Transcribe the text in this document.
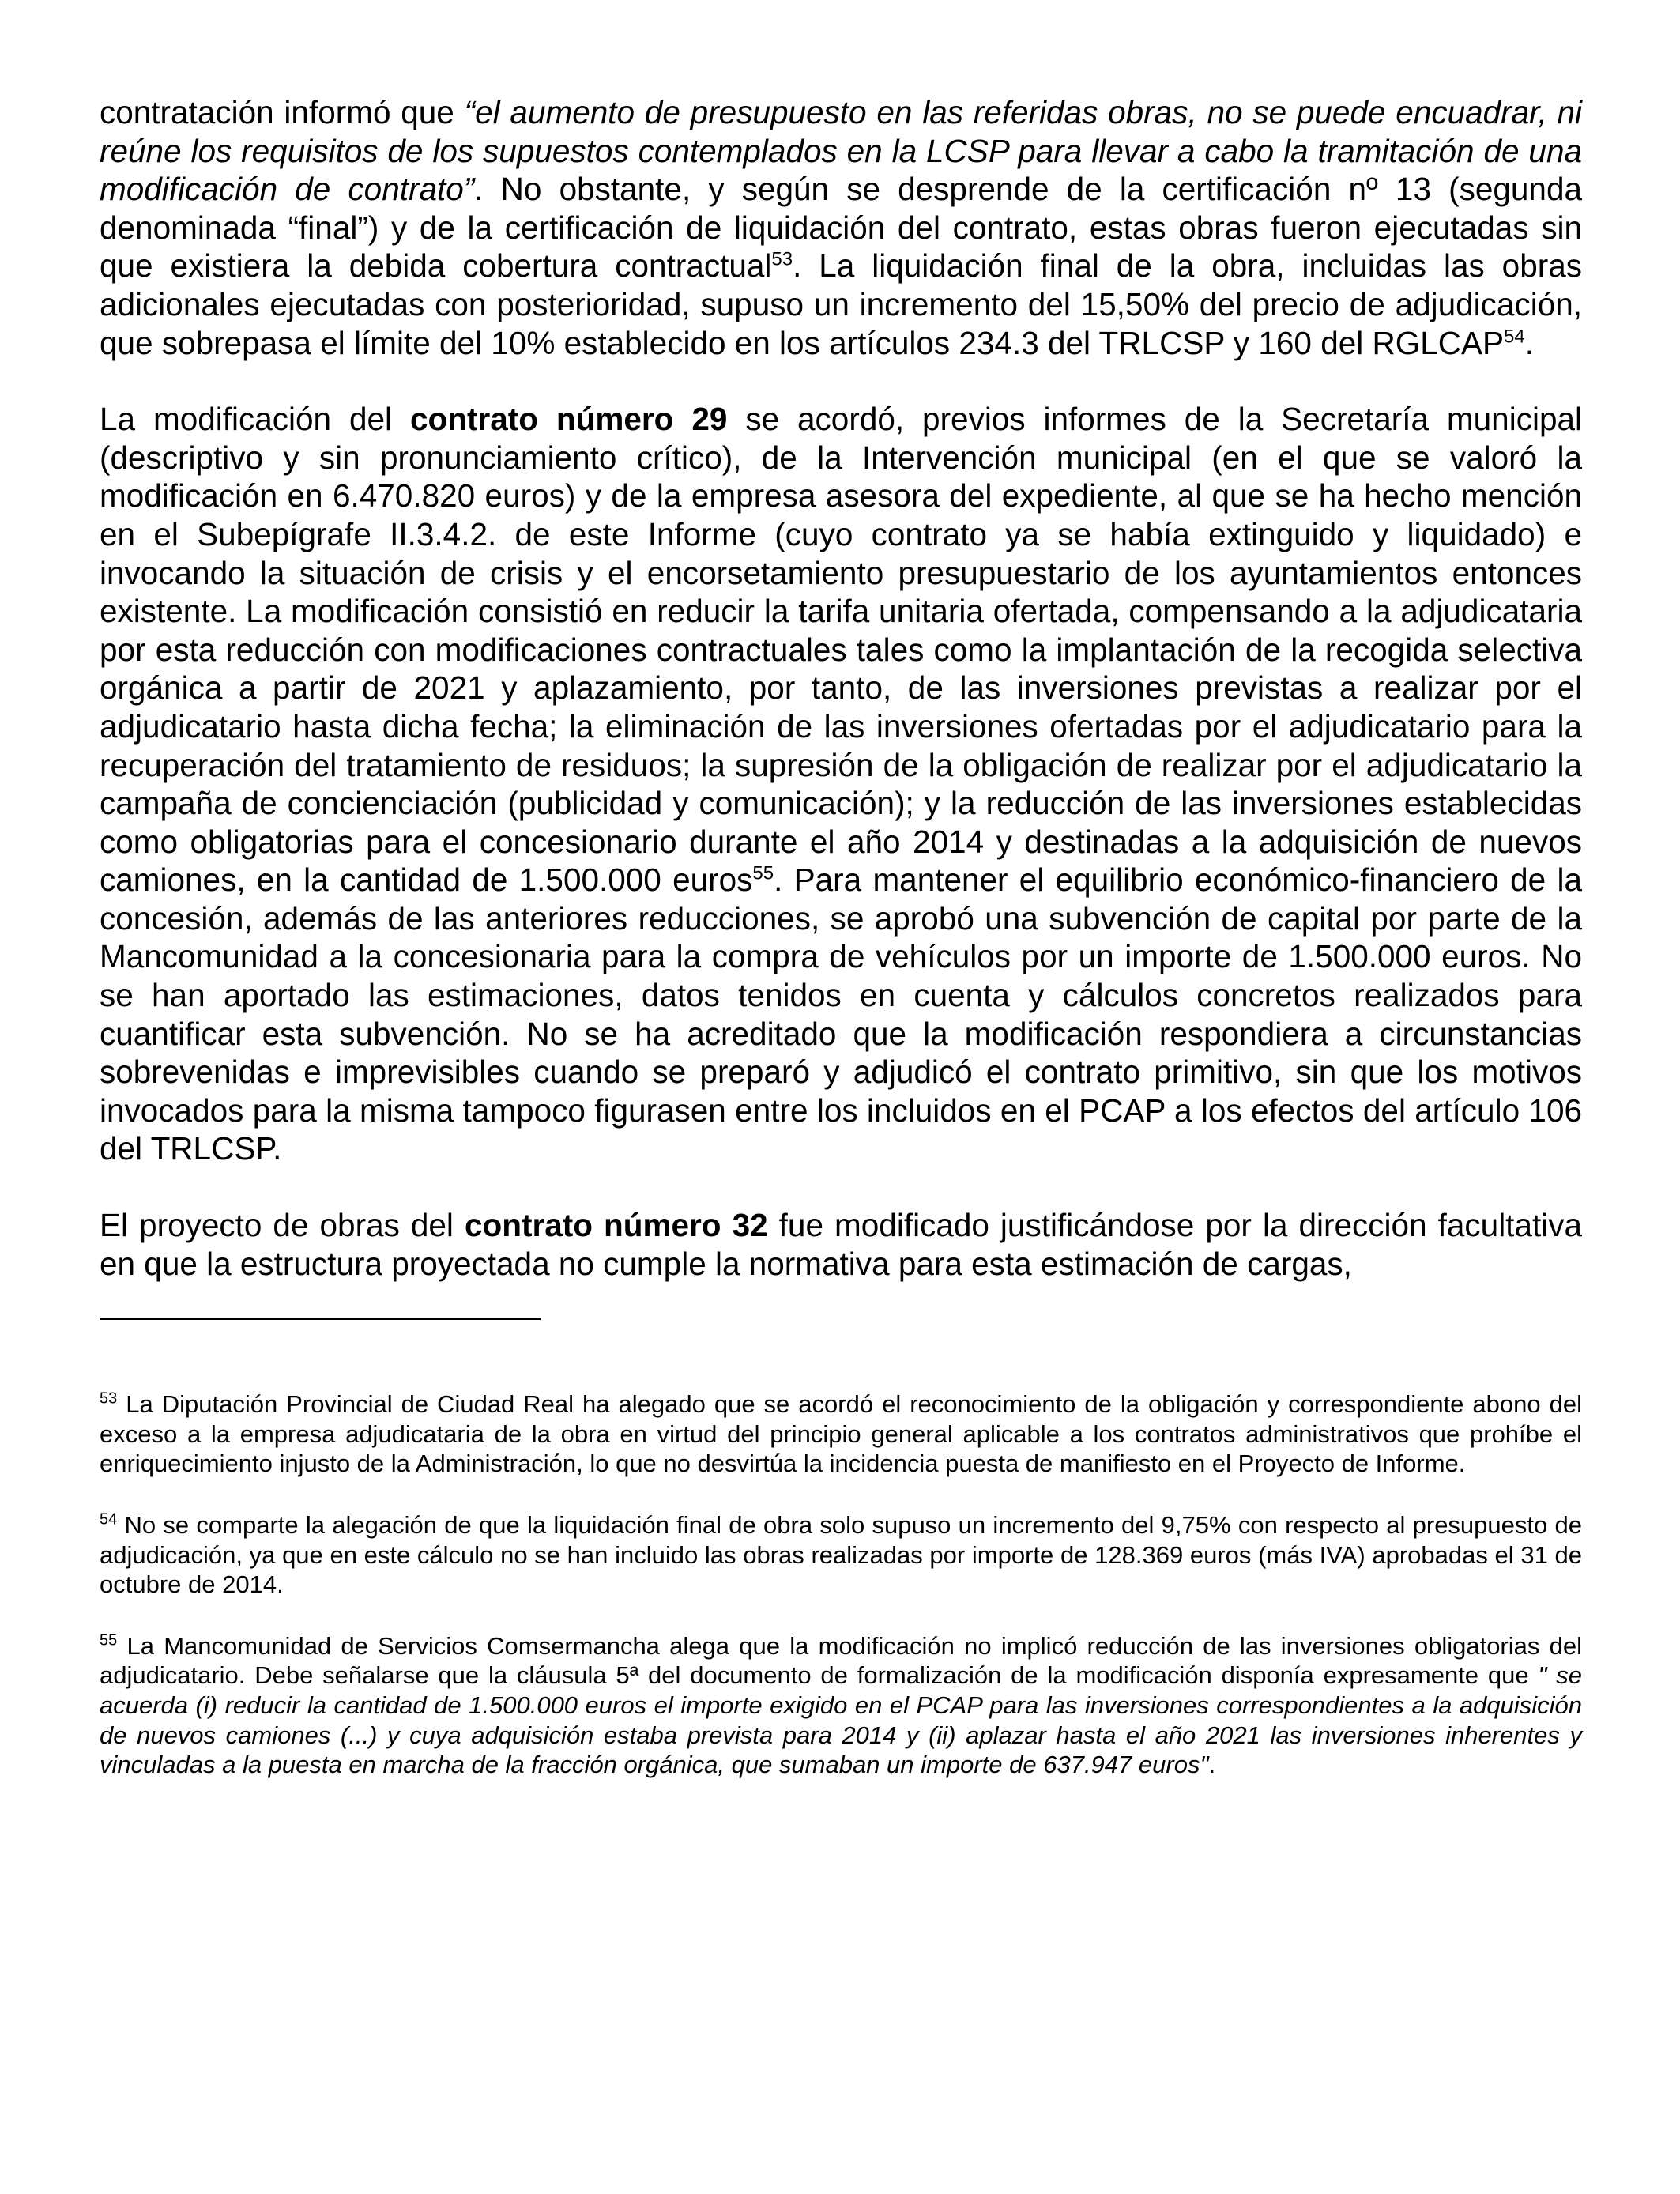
contratación informó que “el aumento de presupuesto en las referidas obras, no se puede encuadrar, ni reúne los requisitos de los supuestos contemplados en la LCSP para llevar a cabo la tramitación de una modificación de contrato”. No obstante, y según se desprende de la certificación nº 13 (segunda denominada “final”) y de la certificación de liquidación del contrato, estas obras fueron ejecutadas sin que existiera la debida cobertura contractual$^{53}$. La liquidación final de la obra, incluidas las obras adicionales ejecutadas con posterioridad, supuso un incremento del 15,50% del precio de adjudicación, que sobrepasa el límite del 10% establecido en los artículos 234.3 del TRLCSP y 160 del RGLCAP$^{54}$.

La modificación del contrato número 29 se acordó, previos informes de la Secretaría municipal (descriptivo y sin pronunciamiento crítico), de la Intervención municipal (en el que se valoró la modificación en 6.470.820 euros) y de la empresa asesora del expediente, al que se ha hecho mención en el Subepígrafe II.3.4.2. de este Informe (cuyo contrato ya se había extinguido y liquidado) e invocando la situación de crisis y el encorsetamiento presupuestario de los ayuntamientos entonces existente. La modificación consistió en reducir la tarifa unitaria ofertada, compensando a la adjudicataria por esta reducción con modificaciones contractuales tales como la implantación de la recogida selectiva orgánica a partir de 2021 y aplazamiento, por tanto, de las inversiones previstas a realizar por el adjudicatario hasta dicha fecha; la eliminación de las inversiones ofertadas por el adjudicatario para la recuperación del tratamiento de residuos; la supresión de la obligación de realizar por el adjudicatario la campaña de concienciación (publicidad y comunicación); y la reducción de las inversiones establecidas como obligatorias para el concesionario durante el año 2014 y destinadas a la adquisición de nuevos camiones, en la cantidad de 1.500.000 euros$^{55}$. Para mantener el equilibrio económico-financiero de la concesión, además de las anteriores reducciones, se aprobó una subvención de capital por parte de la Mancomunidad a la concesionaria para la compra de vehículos por un importe de 1.500.000 euros. No se han aportado las estimaciones, datos tenidos en cuenta y cálculos concretos realizados para cuantificar esta subvención. No se ha acreditado que la modificación respondiera a circunstancias sobrevenidas e imprevisibles cuando se preparó y adjudicó el contrato primitivo, sin que los motivos invocados para la misma tampoco figurasen entre los incluidos en el PCAP a los efectos del artículo 106 del TRLCSP.

El proyecto de obras del contrato número 32 fue modificado justificándose por la dirección facultativa en que la estructura proyectada no cumple la normativa para esta estimación de cargas,

$^{53}$ La Diputación Provincial de Ciudad Real ha alegado que se acordó el reconocimiento de la obligación y correspondiente abono del exceso a la empresa adjudicataria de la obra en virtud del principio general aplicable a los contratos administrativos que prohíbe el enriquecimiento injusto de la Administración, lo que no desvirtúa la incidencia puesta de manifiesto en el Proyecto de Informe.

$^{54}$ No se comparte la alegación de que la liquidación final de obra solo supuso un incremento del 9,75% con respecto al presupuesto de adjudicación, ya que en este cálculo no se han incluido las obras realizadas por importe de 128.369 euros (más IVA) aprobadas el 31 de octubre de 2014.

$^{55}$ La Mancomunidad de Servicios Comsermancha alega que la modificación no implicó reducción de las inversiones obligatorias del adjudicatario. Debe señalarse que la cláusula 5ª del documento de formalización de la modificación disponía expresamente que " se acuerda (i) reducir la cantidad de 1.500.000 euros el importe exigido en el PCAP para las inversiones correspondientes a la adquisición de nuevos camiones (...) y cuya adquisición estaba prevista para 2014 y (ii) aplazar hasta el año 2021 las inversiones inherentes y vinculadas a la puesta en marcha de la fracción orgánica, que sumaban un importe de 637.947 euros".
